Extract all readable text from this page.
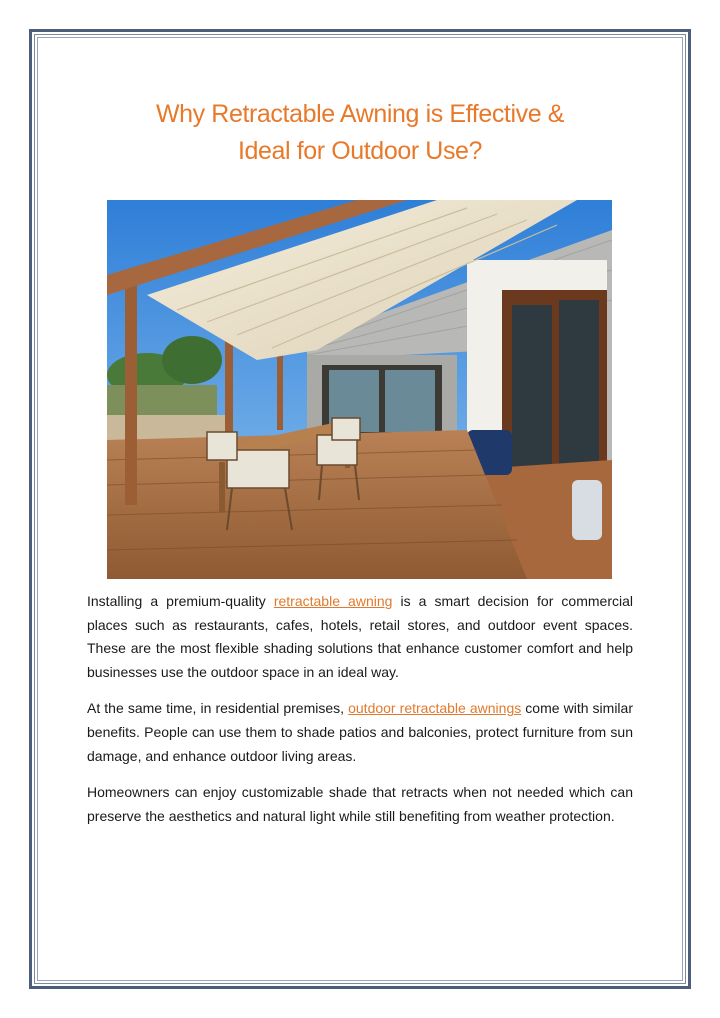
Why Retractable Awning is Effective &
Ideal for Outdoor Use?

Installing a premium-quality retractable awning is a smart decision for commercial places such as restaurants, cafes, hotels, retail stores, and outdoor event spaces. These are the most flexible shading solutions that enhance customer comfort and help businesses use the outdoor space in an ideal way.

At the same time, in residential premises, outdoor retractable awnings come with similar benefits. People can use them to shade patios and balconies, protect furniture from sun damage, and enhance outdoor living areas.

Homeowners can enjoy customizable shade that retracts when not needed which can preserve the aesthetics and natural light while still benefiting from weather protection.
